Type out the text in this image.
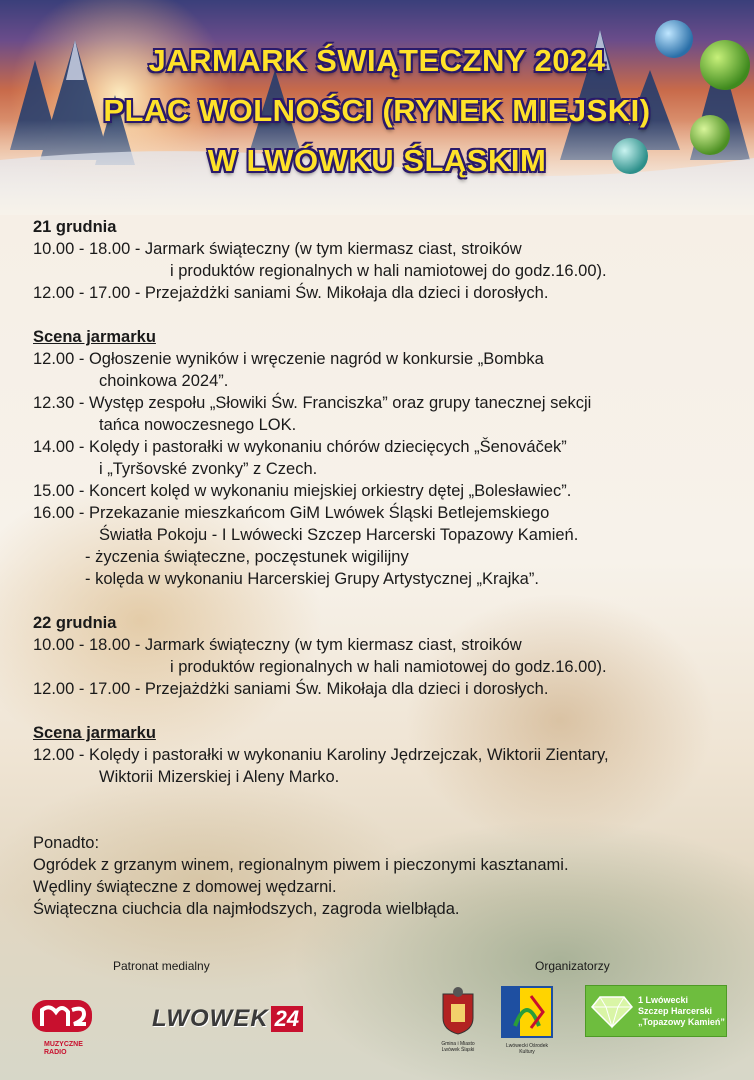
JARMARK ŚWIĄTECZNY 2024
PLAC WOLNOŚCI (RYNEK MIEJSKI)
W LWÓWKU ŚLĄSKIM
21 grudnia
10.00 - 18.00 - Jarmark świąteczny (w tym kiermasz ciast, stroików
i produktów regionalnych w hali namiotowej do godz.16.00).
12.00 - 17.00 - Przejażdżki saniami Św. Mikołaja dla dzieci i dorosłych.
Scena jarmarku
12.00 - Ogłoszenie wyników i wręczenie nagród w konkursie „Bombka
choinkowa 2024”.
12.30 - Występ zespołu „Słowiki Św. Franciszka” oraz grupy tanecznej sekcji
tańca nowoczesnego LOK.
14.00 - Kolędy i pastorałki w wykonaniu chórów dziecięcych „Šenováček”
i „Tyršovské zvonky” z Czech.
15.00 - Koncert kolęd w wykonaniu miejskiej orkiestry dętej „Bolesławiec”.
16.00 - Przekazanie mieszkańcom GiM Lwówek Śląski Betlejemskiego
Światła Pokoju - I Lwówecki Szczep Harcerski Topazowy Kamień.
- życzenia świąteczne, poczęstunek wigilijny
- kolęda w wykonaniu Harcerskiej Grupy Artystycznej „Krajka”.
22 grudnia
10.00 - 18.00 - Jarmark świąteczny (w tym kiermasz ciast, stroików
i produktów regionalnych w hali namiotowej do godz.16.00).
12.00 - 17.00 - Przejażdżki saniami Św. Mikołaja dla dzieci i dorosłych.
Scena jarmarku
12.00 - Kolędy i pastorałki w wykonaniu Karoliny Jędrzejczak, Wiktorii Zientary,
Wiktorii Mizerskiej i Aleny Marko.
Ponadto:
Ogródek z grzanym winem, regionalnym piwem i pieczonymi kasztanami.
Wędliny świąteczne z domowej wędzarni.
Świąteczna ciuchcia dla najmłodszych, zagroda wielbłąda.
Patronat medialny	Organizatorzy
MUZYCZNE RADIO
LWOWEK 24
Gmina i Miasto Lwówek Śląski
Lwówecki Ośrodek Kultury
1 Lwówecki
Szczep Harcerski
„Topazowy Kamień”
